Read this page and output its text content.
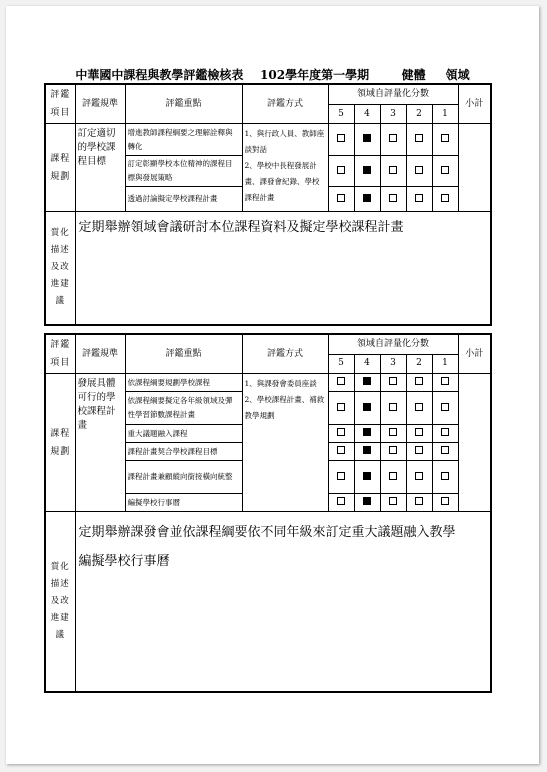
中華國中課程與教學評鑑檢核表 102學年度第一學期	健體 領域
評鑑項目	評鑑規準	評鑑重點	評鑑方式	領域自評量化分數					小計
				5	4	3	2	1	
課程規劃	訂定適切的學校課程目標	增進教師課程綱要之理解詮釋與轉化	1、與行政人員、教師座談對話
2、學校中長程發展計畫、課發會紀錄、學校課程計畫						
		訂定彰顯學校本位精神的課程目標與發展策略							
		透過討論擬定學校課程計畫							
質化描述及改進建議	定期舉辦領域會議研討本位課程資料及擬定學校課程計畫								
評鑑項目	評鑑規準	評鑑重點	評鑑方式	領域自評量化分數					小計
				5	4	3	2	1	
課程規劃	發展具體可行的學校課程計畫	依課程綱要規劃學校課程	1、與課發會委員座談
2、學校課程計畫、補救教學規劃						
		依課程綱要擬定各年級領域及彈性學習節數課程計畫							
		重大議題融入課程							
		課程計畫契合學校課程目標							
		課程計畫兼顧縱向銜接橫向統整							
		編擬學校行事曆							
質化描述及改進建議	定期舉辦課發會並依課程綱要依不同年級來訂定重大議題融入教學
編擬學校行事曆								
